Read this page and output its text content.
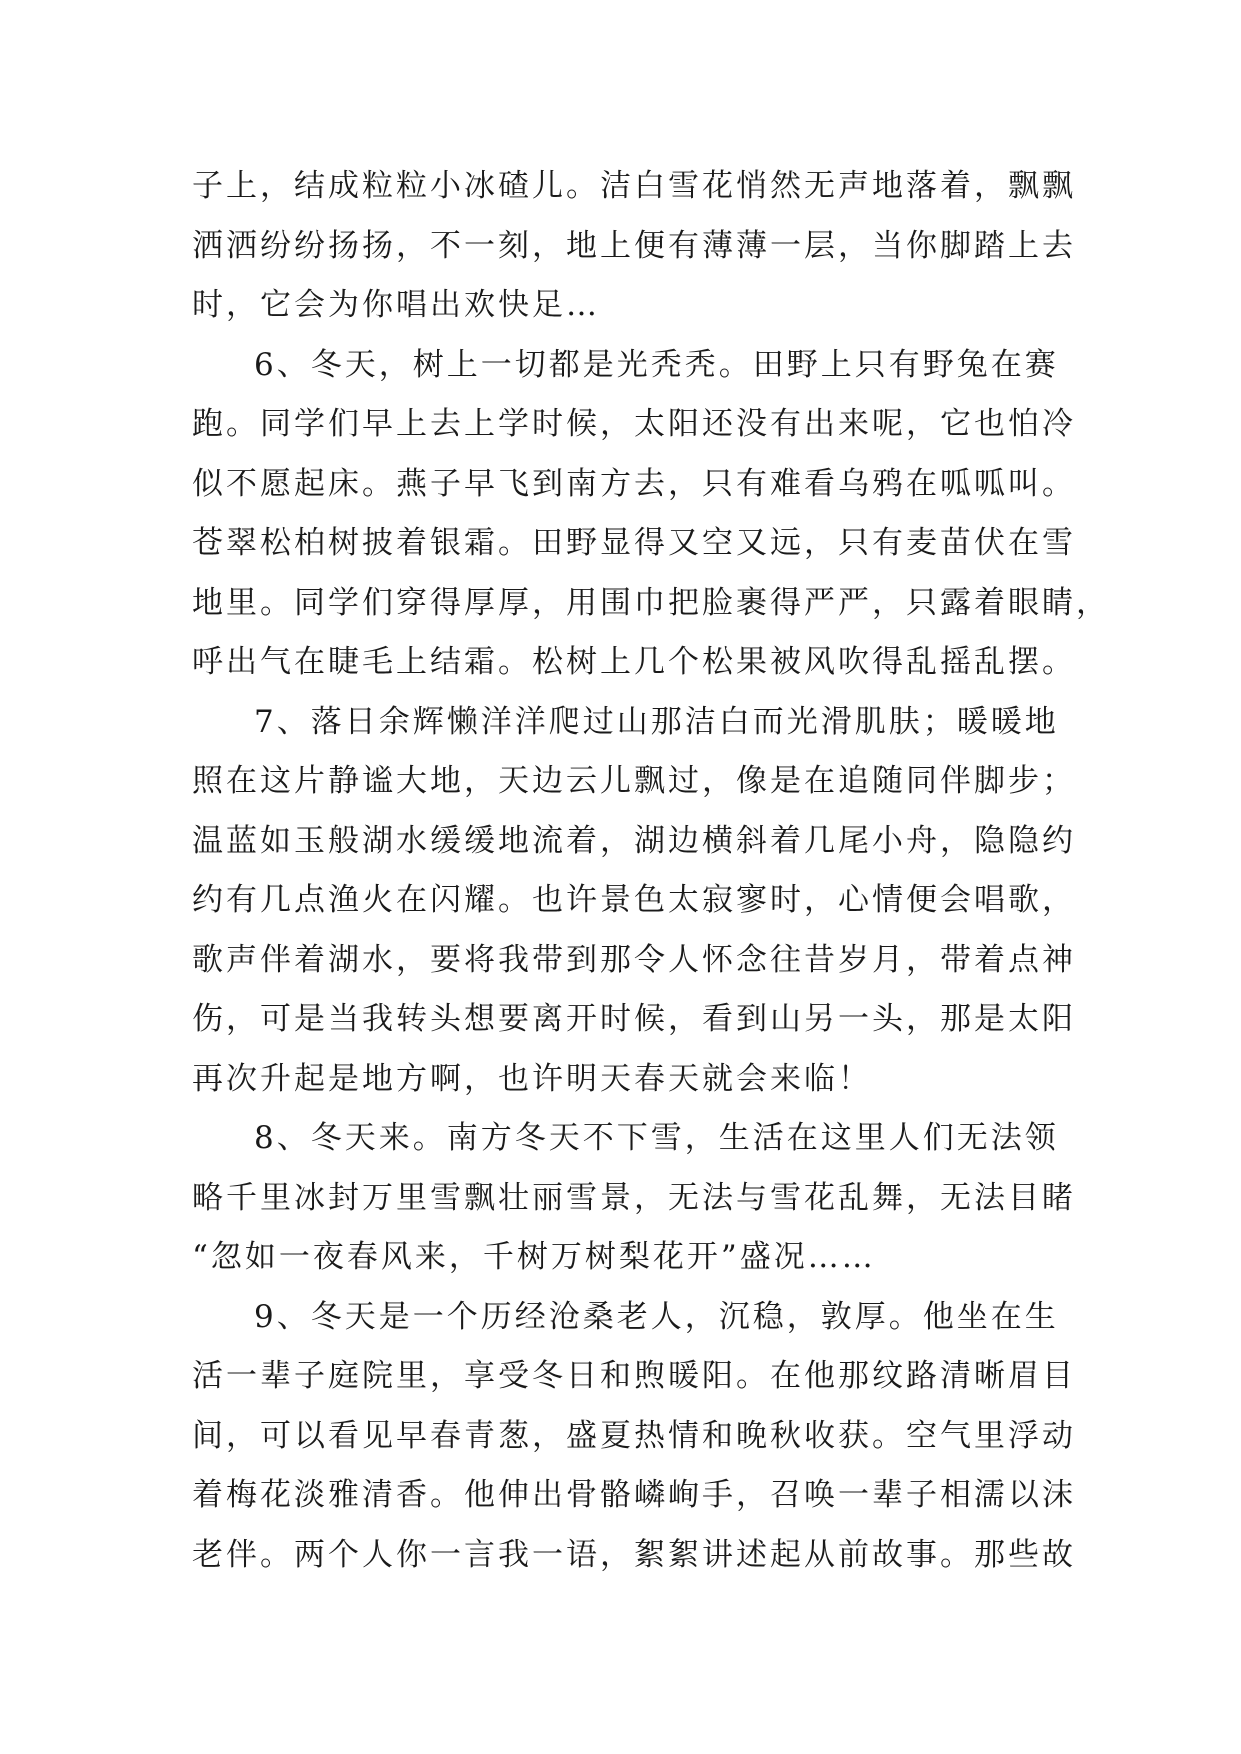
子上，结成粒粒小冰碴儿。洁白雪花悄然无声地落着，飘飘
洒洒纷纷扬扬，不一刻，地上便有薄薄一层，当你脚踏上去
时，它会为你唱出欢快足…
6、冬天，树上一切都是光秃秃。田野上只有野兔在赛
跑。同学们早上去上学时候，太阳还没有出来呢，它也怕冷
似不愿起床。燕子早飞到南方去，只有难看乌鸦在呱呱叫。
苍翠松柏树披着银霜。田野显得又空又远，只有麦苗伏在雪
地里。同学们穿得厚厚，用围巾把脸裹得严严，只露着眼睛，
呼出气在睫毛上结霜。松树上几个松果被风吹得乱摇乱摆。
7、落日余辉懒洋洋爬过山那洁白而光滑肌肤；暖暖地
照在这片静谧大地，天边云儿飘过，像是在追随同伴脚步；
温蓝如玉般湖水缓缓地流着，湖边横斜着几尾小舟，隐隐约
约有几点渔火在闪耀。也许景色太寂寥时，心情便会唱歌，
歌声伴着湖水，要将我带到那令人怀念往昔岁月，带着点神
伤，可是当我转头想要离开时候，看到山另一头，那是太阳
再次升起是地方啊，也许明天春天就会来临！
8、冬天来。南方冬天不下雪，生活在这里人们无法领
略千里冰封万里雪飘壮丽雪景，无法与雪花乱舞，无法目睹
“忽如一夜春风来，千树万树梨花开”盛况……
9、冬天是一个历经沧桑老人，沉稳，敦厚。他坐在生
活一辈子庭院里，享受冬日和煦暖阳。在他那纹路清晰眉目
间，可以看见早春青葱，盛夏热情和晚秋收获。空气里浮动
着梅花淡雅清香。他伸出骨骼嶙峋手，召唤一辈子相濡以沫
老伴。两个人你一言我一语，絮絮讲述起从前故事。那些故
